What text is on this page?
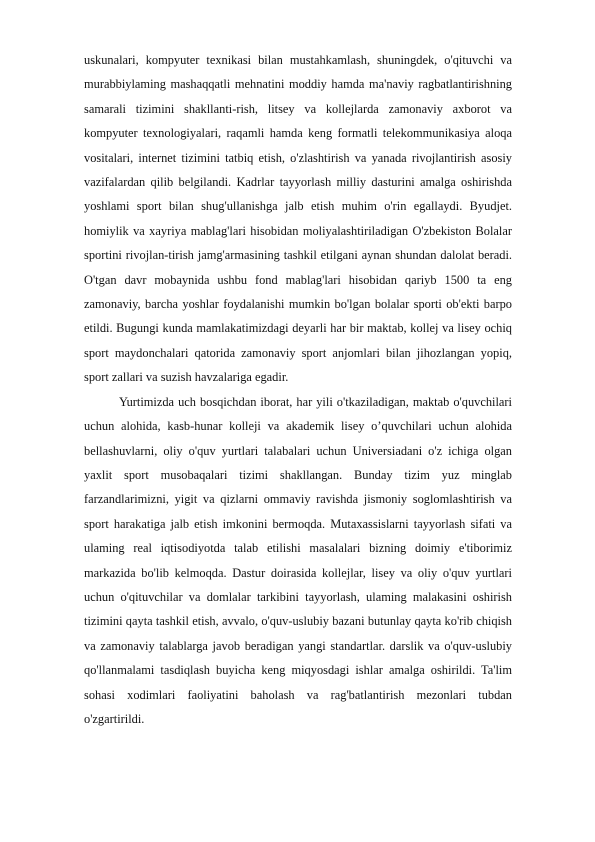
uskunalari, kompyuter texnikasi bilan mustahkamlash, shuningdek, o'qituvchi va murabbiylaming mashaqqatli mehnatini moddiy hamda ma'naviy ragbatlantirishning samarali tizimini shakllanti-rish, litsey va kollejlarda zamonaviy axborot va kompyuter texnologiyalari, raqamli hamda keng formatli telekommunikasiya aloqa vositalari, internet tizimini tatbiq etish, o'zlashtirish va yanada rivojlantirish asosiy vazifalardan qilib belgilandi. Kadrlar tayyorlash milliy dasturini amalga oshirishda yoshlami sport bilan shug'ullanishga jalb etish muhim o'rin egallaydi. Byudjet. homiylik va xayriya mablag'lari hisobidan moliyalashtiriladigan O'zbekiston Bolalar sportini rivojlan-tirish jamg'armasining tashkil etilgani aynan shundan dalolat beradi. O'tgan davr mobaynida ushbu fond mablag'lari hisobidan qariyb 1500 ta eng zamonaviy, barcha yoshlar foydalanishi mumkin bo'lgan bolalar sporti ob'ekti barpo etildi. Bugungi kunda mamlakatimizdagi deyarli har bir maktab, kollej va lisey ochiq sport maydonchalari qatorida zamonaviy sport anjomlari bilan jihozlangan yopiq, sport zallari va suzish havzalariga egadir.

Yurtimizda uch bosqichdan iborat, har yili o'tkaziladigan, maktab o'quvchilari uchun alohida, kasb-hunar kolleji va akademik lisey o’quvchilari uchun alohida bellashuvlarni, oliy o'quv yurtlari talabalari uchun Universiadani o'z ichiga olgan yaxlit sport musobaqalari tizimi shakllangan. Bunday tizim yuz minglab farzandlarimizni, yigit va qizlarni ommaviy ravishda jismoniy soglomlashtirish va sport harakatiga jalb etish imkonini bermoqda. Mutaxassislarni tayyorlash sifati va ulaming real iqtisodiyotda talab etilishi masalalari bizning doimiy e'tiborimiz markazida bo'lib kelmoqda. Dastur doirasida kollejlar, lisey va oliy o'quv yurtlari uchun o'qituvchilar va domlalar tarkibini tayyorlash, ulaming malakasini oshirish tizimini qayta tashkil etish, avvalo, o'quv-uslubiy bazani butunlay qayta ko'rib chiqish va zamonaviy talablarga javob beradigan yangi standartlar. darslik va o'quv-uslubiy qo'llanmalami tasdiqlash buyicha keng miqyosdagi ishlar amalga oshirildi. Ta'lim sohasi xodimlari faoliyatini baholash va rag'batlantirish mezonlari tubdan o'zgartirildi.
